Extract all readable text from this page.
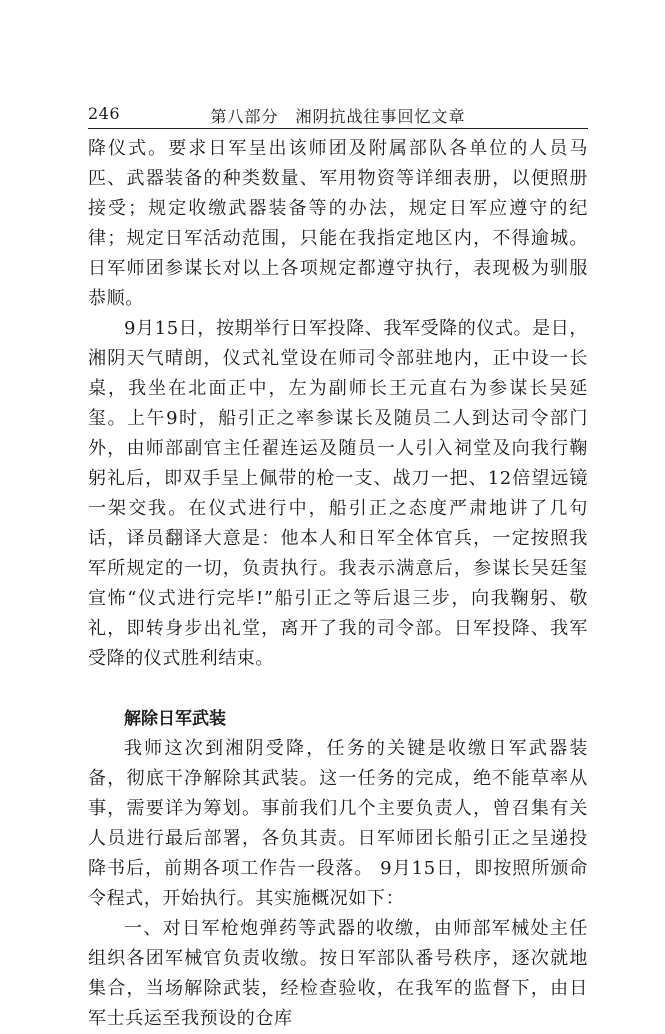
246	第八部分　湘阴抗战往事回忆文章

降仪式。要求日军呈出该师团及附属部队各单位的人员马匹、武器装备的种类数量、军用物资等详细表册，以便照册接受；规定收缴武器装备等的办法，规定日军应遵守的纪律；规定日军活动范围，只能在我指定地区内，不得逾城。日军师团参谋长对以上各项规定都遵守执行，表现极为驯服恭顺。

9月15日，按期举行日军投降、我军受降的仪式。是日，湘阴天气晴朗，仪式礼堂设在师司令部驻地内，正中设一长桌，我坐在北面正中，左为副师长王元直右为参谋长吴延玺。上午9时，船引正之率参谋长及随员二人到达司令部门外，由师部副官主任翟连运及随员一人引入祠堂及向我行鞠躬礼后，即双手呈上佩带的枪一支、战刀一把、12倍望远镜一架交我。在仪式进行中，船引正之态度严肃地讲了几句话，译员翻译大意是：他本人和日军全体官兵，一定按照我军所规定的一切，负责执行。我表示满意后，参谋长吴廷玺宣怖“仪式进行完毕!”船引正之等后退三步，向我鞠躬、敬礼，即转身步出礼堂，离开了我的司令部。日军投降、我军受降的仪式胜利结束。

解除日军武装

我师这次到湘阴受降，任务的关键是收缴日军武器装备，彻底干净解除其武装。这一任务的完成，绝不能草率从事，需要详为筹划。事前我们几个主要负责人，曾召集有关人员进行最后部署，各负其责。日军师团长船引正之呈递投降书后，前期各项工作告一段落。 9月15日，即按照所颁命令程式，开始执行。其实施概况如下：

一、对日军枪炮弹药等武器的收缴，由师部军械处主任组织各团军械官负责收缴。按日军部队番号秩序，逐次就地集合，当场解除武装，经检查验收，在我军的监督下，由日军士兵运至我预设的仓库
